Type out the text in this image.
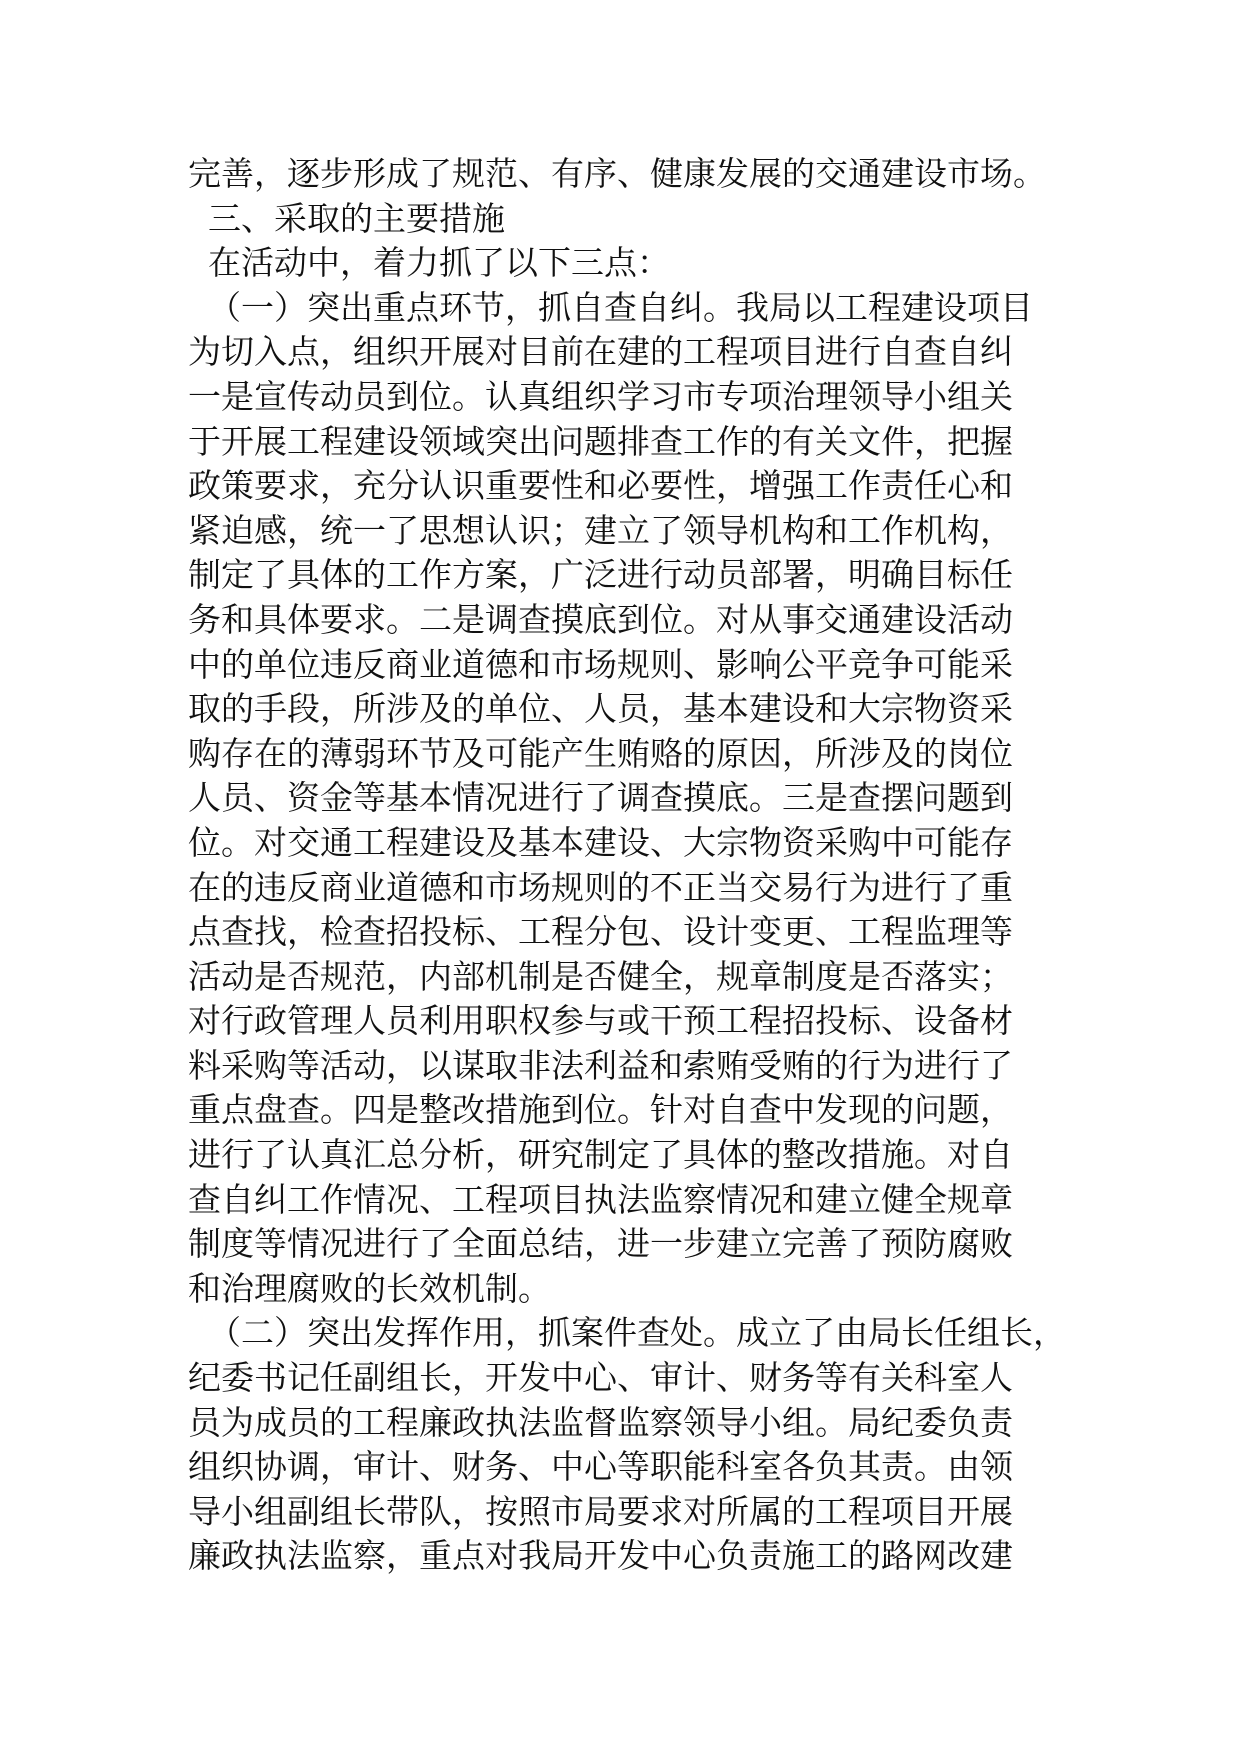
完善，逐步形成了规范、有序、健康发展的交通建设市场。
三、采取的主要措施
在活动中，着力抓了以下三点：
（一）突出重点环节，抓自查自纠。我局以工程建设项目
为切入点，组织开展对目前在建的工程项目进行自查自纠
一是宣传动员到位。认真组织学习市专项治理领导小组关
于开展工程建设领域突出问题排查工作的有关文件，把握
政策要求，充分认识重要性和必要性，增强工作责任心和
紧迫感，统一了思想认识；建立了领导机构和工作机构，
制定了具体的工作方案，广泛进行动员部署，明确目标任
务和具体要求。二是调查摸底到位。对从事交通建设活动
中的单位违反商业道德和市场规则、影响公平竞争可能采
取的手段，所涉及的单位、人员，基本建设和大宗物资采
购存在的薄弱环节及可能产生贿赂的原因，所涉及的岗位
人员、资金等基本情况进行了调查摸底。三是查摆问题到
位。对交通工程建设及基本建设、大宗物资采购中可能存
在的违反商业道德和市场规则的不正当交易行为进行了重
点查找，检查招投标、工程分包、设计变更、工程监理等
活动是否规范，内部机制是否健全，规章制度是否落实；
对行政管理人员利用职权参与或干预工程招投标、设备材
料采购等活动，以谋取非法利益和索贿受贿的行为进行了
重点盘查。四是整改措施到位。针对自查中发现的问题，
进行了认真汇总分析，研究制定了具体的整改措施。对自
查自纠工作情况、工程项目执法监察情况和建立健全规章
制度等情况进行了全面总结，进一步建立完善了预防腐败
和治理腐败的长效机制。
（二）突出发挥作用，抓案件查处。成立了由局长任组长，
纪委书记任副组长，开发中心、审计、财务等有关科室人
员为成员的工程廉政执法监督监察领导小组。局纪委负责
组织协调，审计、财务、中心等职能科室各负其责。由领
导小组副组长带队，按照市局要求对所属的工程项目开展
廉政执法监察，重点对我局开发中心负责施工的路网改建
